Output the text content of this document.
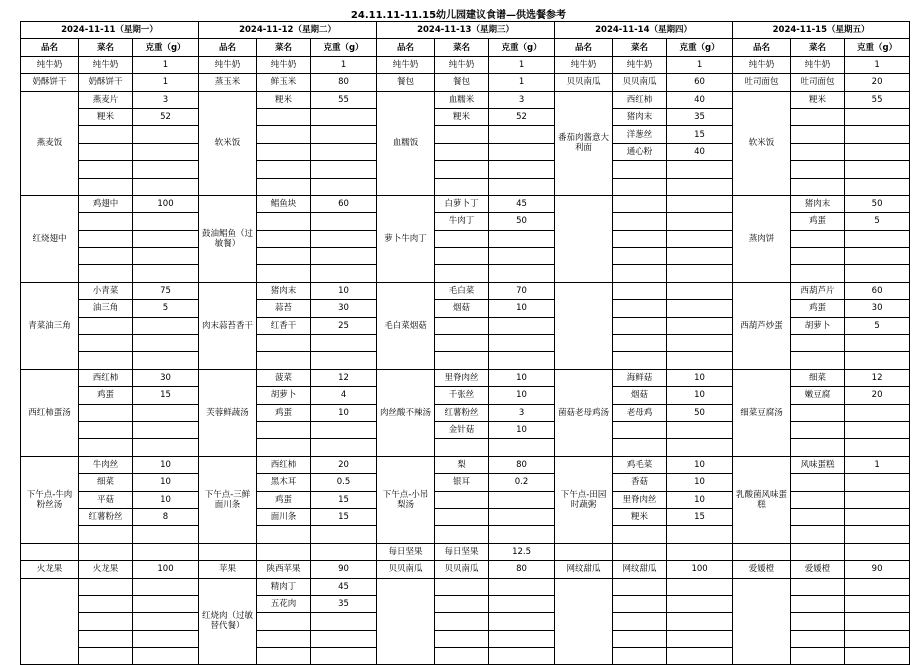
24.11.11-11.15幼儿园建议食谱—供选餐参考
2024-11-11（星期一）			2024-11-12（星期二）			2024-11-13（星期三）			2024-11-14（星期四）			2024-11-15（星期五）		
品名	菜名	克重（g）	品名	菜名	克重（g）	品名	菜名	克重（g）	品名	菜名	克重（g）	品名	菜名	克重（g）
纯牛奶	纯牛奶	1	纯牛奶	纯牛奶	1	纯牛奶	纯牛奶	1	纯牛奶	纯牛奶	1	纯牛奶	纯牛奶	1
奶酥饼干	奶酥饼干	1	蒸玉米	鲜玉米	80	餐包	餐包	1	贝贝南瓜	贝贝南瓜	60	吐司面包	吐司面包	20
燕麦饭	燕麦片	3	软米饭	粳米	55	血糯饭	血糯米	3	番茄肉酱意大利面	西红柿	40	软米饭	粳米	55
	粳米	52					粳米	52		猪肉末	35			
										洋葱丝	15			
										通心粉	40			

红烧翅中	鸡翅中	100	鼓油鲳鱼（过敏餐）	鲳鱼块	60	萝卜牛肉丁	白萝卜丁	45				蒸肉饼	猪肉末	50
							牛肉丁	50					鸡蛋	5

青菜油三角	小青菜	75	肉末蒜苔香干	猪肉末	10	毛白菜烟菇	毛白菜	70				西葫芦炒蛋	西葫芦片	60
	油三角	5		蒜苔	30		烟菇	10					鸡蛋	30
				红香干	25								胡萝卜	5

西红柿蛋汤	西红柿	30	芙蓉鲜蔬汤	菠菜	12	肉丝酸不辣汤	里脊肉丝	10	菌菇老母鸡汤	海鲜菇	10	细菜豆腐汤	细菜	12
	鸡蛋	15		胡萝卜	4		千张丝	10		烟菇	10		嫩豆腐	20
				鸡蛋	10		红薯粉丝	3		老母鸡	50			
							金针菇	10						

下午点-牛肉粉丝汤	牛肉丝	10	下午点-三鲜面川条	西红柿	20	下午点-小吊梨汤	梨	80	下午点-田园时蔬粥	鸡毛菜	10	乳酸菌风味蛋糕	风味蛋糕	1
	细菜	10		黑木耳	0.5		银耳	0.2		香菇	10			
	平菇	10		鸡蛋	15					里脊肉丝	10			
	红薯粉丝	8		面川条	15					粳米	15			

						每日坚果	每日坚果	12.5						
火龙果	火龙果	100	苹果	陕西苹果	90	贝贝南瓜	贝贝南瓜	80	网纹甜瓜	网纹甜瓜	100	爱媛橙	爱媛橙	90
			红烧肉（过敏替代餐）	精肉丁	45									
				五花肉	35									
